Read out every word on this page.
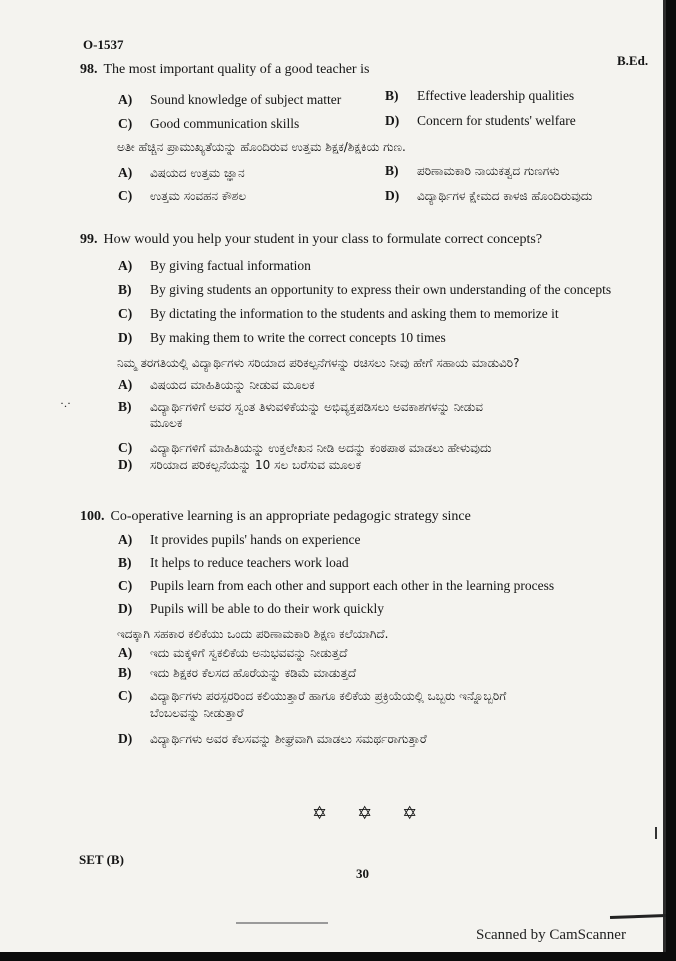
O-1537
B.Ed.
98. The most important quality of a good teacher is
A) Sound knowledge of subject matter	B) Effective leadership qualities
C) Good communication skills	D) Concern for students' welfare
ಅತೀ ಹೆಚ್ಚಿನ ಪ್ರಾಮುಖ್ಯತೆಯನ್ನು ಹೊಂದಿರುವ ಉತ್ತಮ ಶಿಕ್ಷಕ/ಶಿಕ್ಷಕಿಯ ಗುಣ.
A) ವಿಷಯದ ಉತ್ತಮ ಜ್ಞಾನ	B) ಪರಿಣಾಮಕಾರಿ ನಾಯಕತ್ವದ ಗುಣಗಳು
C) ಉತ್ತಮ ಸಂವಹನ ಕೌಶಲ	D) ವಿದ್ಯಾರ್ಥಿಗಳ ಕ್ಷೇಮದ ಕಾಳಜಿ ಹೊಂದಿರುವುದು
99. How would you help your student in your class to formulate correct concepts?
A) By giving factual information
B) By giving students an opportunity to express their own understanding of the concepts
C) By dictating the information to the students and asking them to memorize it
D) By making them to write the correct concepts 10 times
ನಿಮ್ಮ ತರಗತಿಯಲ್ಲಿ ವಿದ್ಯಾರ್ಥಿಗಳು ಸರಿಯಾದ ಪರಿಕಲ್ಪನೆಗಳನ್ನು ರಚಿಸಲು ನೀವು ಹೇಗೆ ಸಹಾಯ ಮಾಡುವಿರಿ?
A) ವಿಷಯದ ಮಾಹಿತಿಯನ್ನು ನೀಡುವ ಮೂಲಕ
B) ವಿದ್ಯಾರ್ಥಿಗಳಿಗೆ ಅವರ ಸ್ವಂತ ತಿಳುವಳಿಕೆಯನ್ನು ಅಭಿವ್ಯಕ್ತಪಡಿಸಲು ಅವಕಾಶಗಳನ್ನು ನೀಡುವ
ಮೂಲಕ
C) ವಿದ್ಯಾರ್ಥಿಗಳಿಗೆ ಮಾಹಿತಿಯನ್ನು ಉಕ್ತಲೇಖನ ನೀಡಿ ಅದನ್ನು ಕಂಠಪಾಠ ಮಾಡಲು ಹೇಳುವುದು
D) ಸರಿಯಾದ ಪರಿಕಲ್ಪನೆಯನ್ನು 10 ಸಲ ಬರೆಸುವ ಮೂಲಕ
100. Co-operative learning is an appropriate pedagogic strategy since
A) It provides pupils' hands on experience
B) It helps to reduce teachers work load
C) Pupils learn from each other and support each other in the learning process
D) Pupils will be able to do their work quickly
ಇದಕ್ಕಾಗಿ ಸಹಕಾರ ಕಲಿಕೆಯು ಒಂದು ಪರಿಣಾಮಕಾರಿ ಶಿಕ್ಷಣ ಕಲೆಯಾಗಿದೆ.
A) ಇದು ಮಕ್ಕಳಿಗೆ ಸ್ವಕಲಿಕೆಯ ಅನುಭವವನ್ನು ನೀಡುತ್ತದೆ
B) ಇದು ಶಿಕ್ಷಕರ ಕೆಲಸದ ಹೊರೆಯನ್ನು ಕಡಿಮೆ ಮಾಡುತ್ತದೆ
C) ವಿದ್ಯಾರ್ಥಿಗಳು ಪರಸ್ಪರರಿಂದ ಕಲಿಯುತ್ತಾರೆ ಹಾಗೂ ಕಲಿಕೆಯ ಪ್ರಕ್ರಿಯೆಯಲ್ಲಿ ಒಬ್ಬರು ಇನ್ನೊಬ್ಬರಿಗೆ
ಬೆಂಬಲವನ್ನು ನೀಡುತ್ತಾರೆ
D) ವಿದ್ಯಾರ್ಥಿಗಳು ಅವರ ಕೆಲಸವನ್ನು ಶೀಘ್ರವಾಗಿ ಮಾಡಲು ಸಮರ್ಥರಾಗುತ್ತಾರೆ
·.·
✡✡✡
SET (B)
30
Scanned by CamScanner
